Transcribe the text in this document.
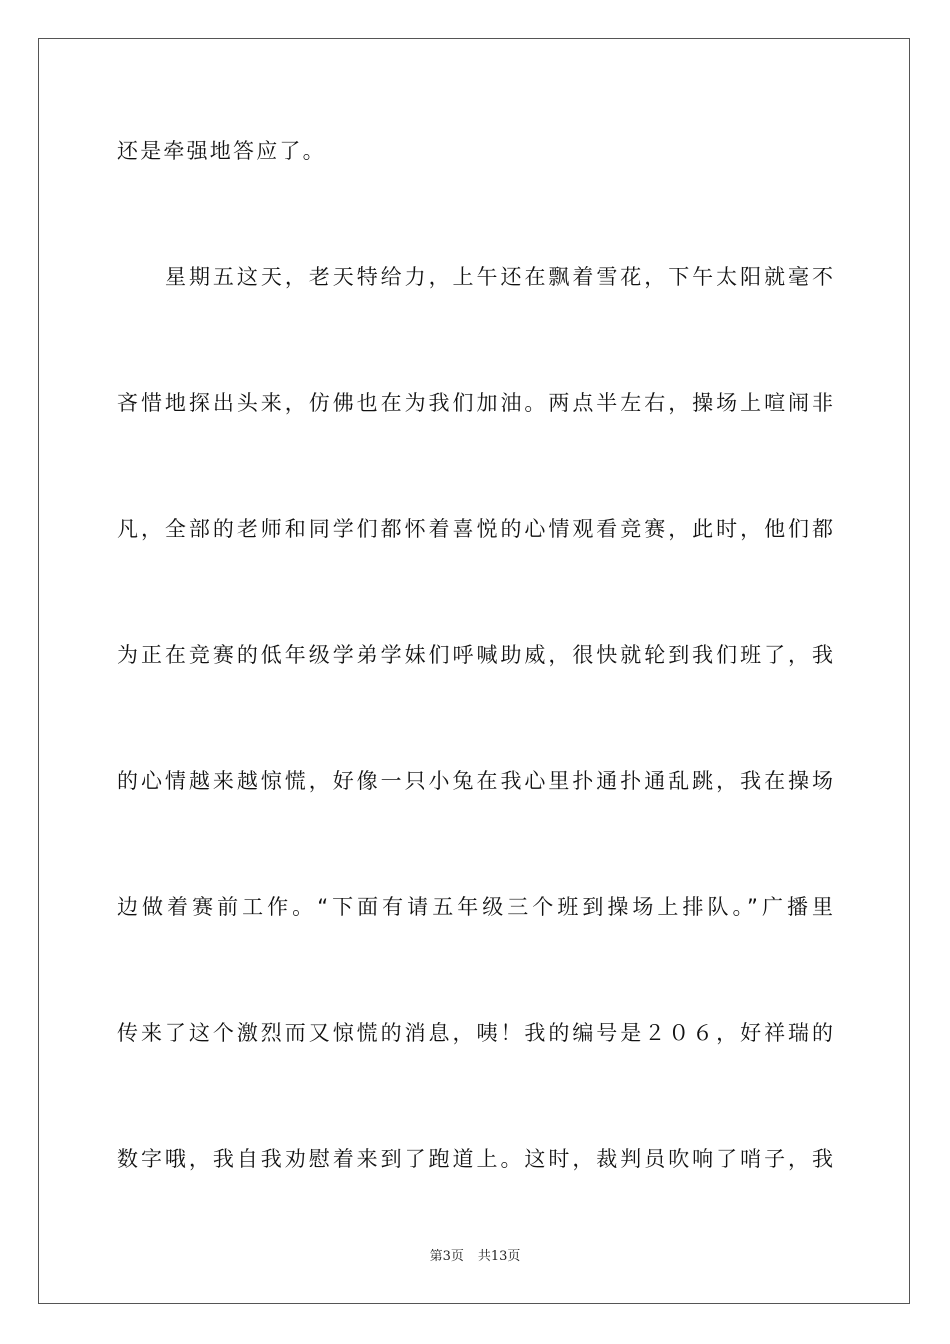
还是牵强地答应了。
星期五这天，老天特给力，上午还在飘着雪花，下午太阳就毫不
吝惜地探出头来，仿佛也在为我们加油。两点半左右，操场上喧闹非
凡，全部的老师和同学们都怀着喜悦的心情观看竞赛，此时，他们都
为正在竞赛的低年级学弟学妹们呼喊助威，很快就轮到我们班了，我
的心情越来越惊慌，好像一只小兔在我心里扑通扑通乱跳，我在操场
边做着赛前工作。“下面有请五年级三个班到操场上排队。”广播里
传来了这个激烈而又惊慌的消息，咦！我的编号是２０６，好祥瑞的
数字哦，我自我劝慰着来到了跑道上。这时，裁判员吹响了哨子，我
第3页 共13页
